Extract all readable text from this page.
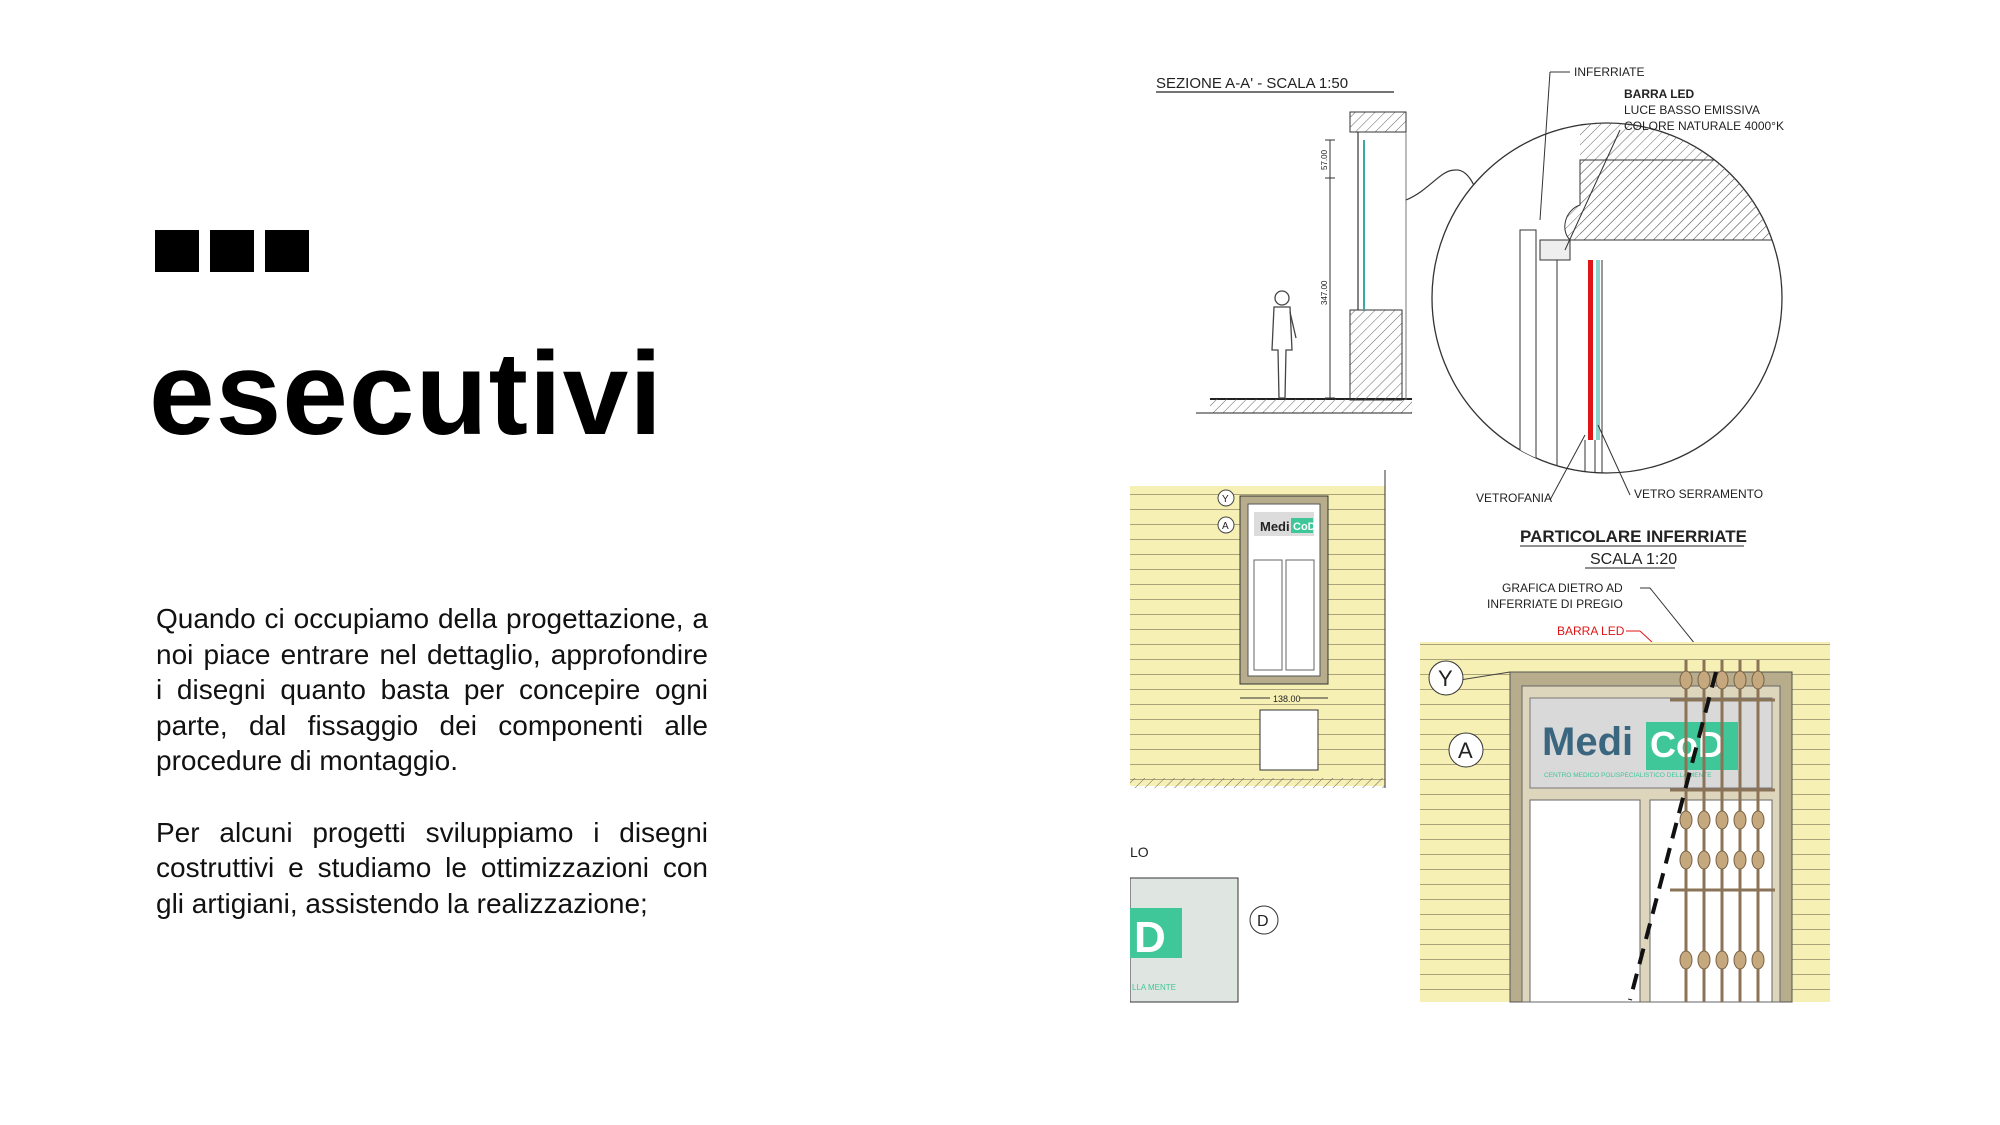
esecutivi

Quando ci occupiamo della progettazione, a noi piace entrare nel dettaglio, approfondire i disegni quanto basta per concepire ogni parte, dal fissaggio dei componenti alle procedure di montaggio.

Per alcuni progetti sviluppiamo i disegni costruttivi e studiamo le ottimizzazioni con gli artigiani, assistendo la realizzazione;

SEZIONE A-A' - SCALA 1:50
57.00
347.00
INFERRIATE
BARRA LED
LUCE BASSO EMISSIVA
COLORE NATURALE 4000°K
VETROFANIA	VETRO SERRAMENTO
Medi CoD
Y
A
138.00
LO
D
LLA MENTE
D
PARTICOLARE INFERRIATE
SCALA 1:20
GRAFICA DIETRO AD
INFERRIATE DI PREGIO
BARRA LED
Medi CoD
CENTRO MEDICO POLISPECIALISTICO DELLA MENTE
Y
A
